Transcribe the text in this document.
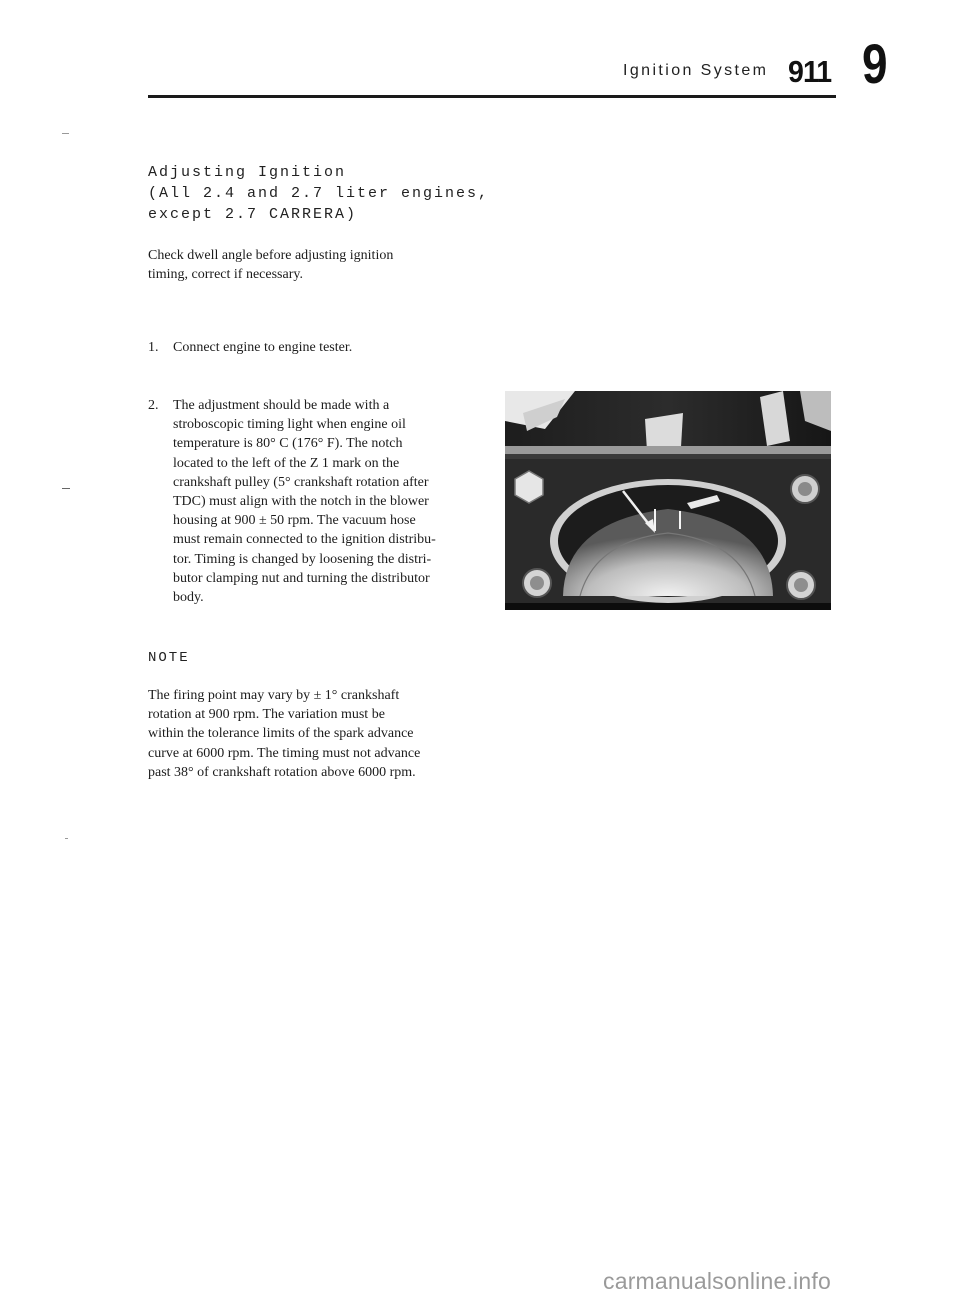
Ignition System 911 9
Adjusting Ignition
(All 2.4 and 2.7 liter engines,
except 2.7 CARRERA)
Check dwell angle before adjusting ignition
timing, correct if necessary.
1. Connect engine to engine tester.
2. The adjustment should be made with a
stroboscopic timing light when engine oil
temperature is 80° C (176° F). The notch
located to the left of the Z 1 mark on the
crankshaft pulley (5° crankshaft rotation after
TDC) must align with the notch in the blower
housing at 900 ± 50 rpm. The vacuum hose
must remain connected to the ignition distribu-
tor. Timing is changed by loosening the distri-
butor clamping nut and turning the distributor
body.
NOTE
The firing point may vary by ± 1° crankshaft
rotation at 900 rpm. The variation must be
within the tolerance limits of the spark advance
curve at 6000 rpm. The timing must not advance
past 38° of crankshaft rotation above 6000 rpm.
carmanualsonline.info
